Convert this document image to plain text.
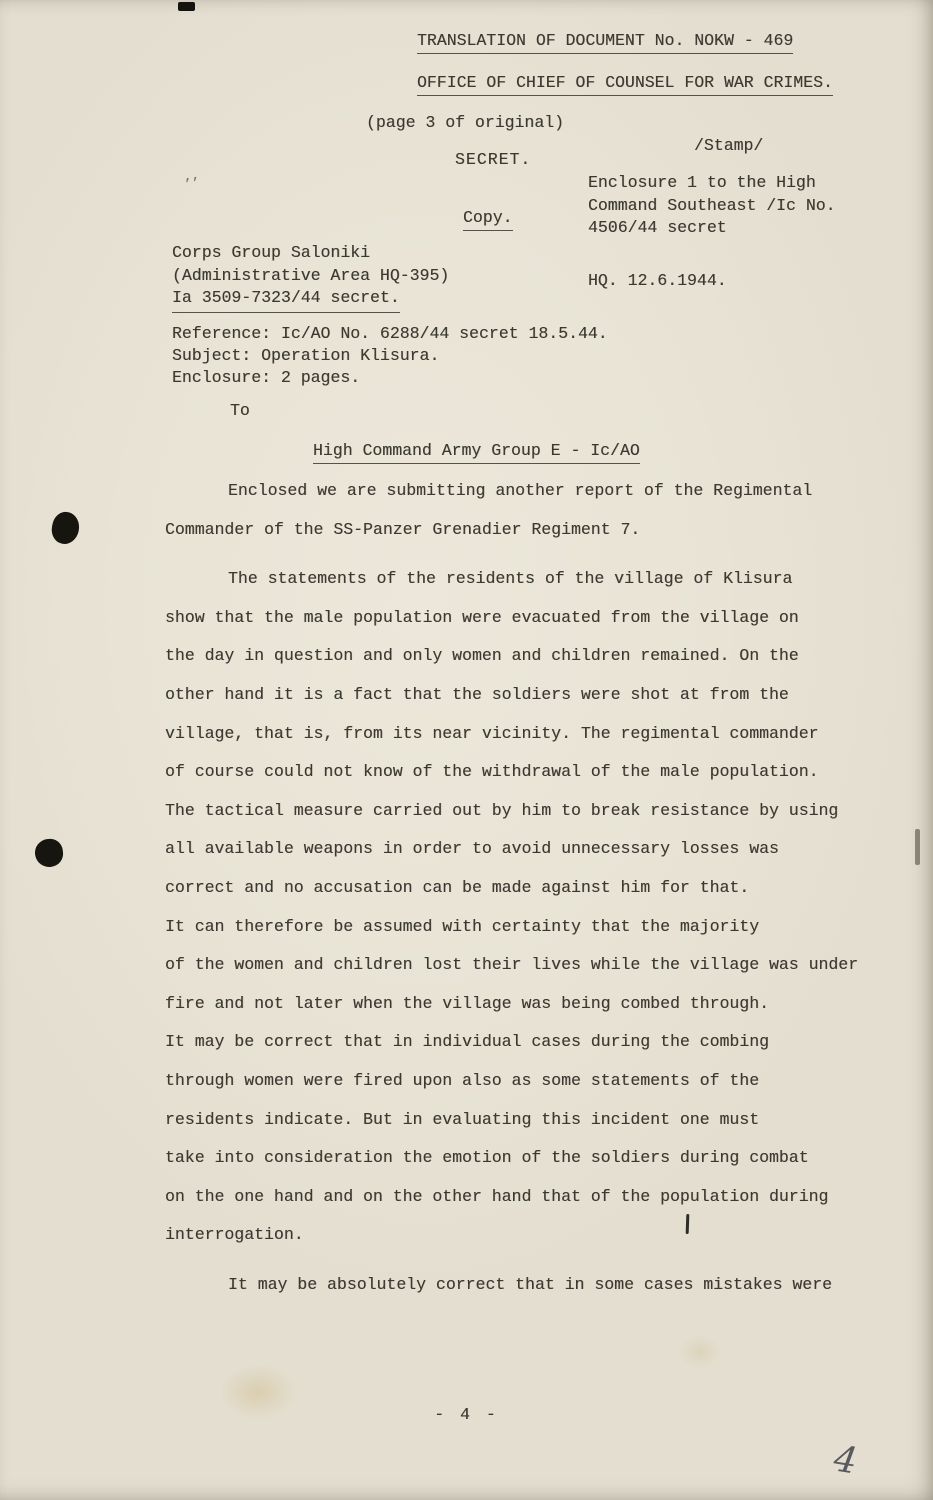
TRANSLATION OF DOCUMENT No. NOKW - 469
OFFICE OF CHIEF OF COUNSEL FOR WAR CRIMES.
(page 3 of original)
/Stamp/
SECRET.
Enclosure 1 to the High
Command Southeast /Ic No.
4506/44 secret
Copy.
Corps Group Saloniki
(Administrative Area HQ-395)
Ia 3509-7323/44 secret.
HQ. 12.6.1944.
Reference: Ic/AO No. 6288/44 secret 18.5.44.
Subject: Operation Klisura.
Enclosure: 2 pages.
To
High Command Army Group E - Ic/AO
Enclosed we are submitting another report of the Regimental
Commander of the SS-Panzer Grenadier Regiment 7.
The statements of the residents of the village of Klisura
show that the male population were evacuated from the village on
the day in question and only women and children remained. On the
other hand it is a fact that the soldiers were shot at from the
village, that is, from its near vicinity. The regimental commander
of course could not know of the withdrawal of the male population.
The tactical measure carried out by him to break resistance by using
all available weapons in order to avoid unnecessary losses was
correct and no accusation can be made against him for that.
It can therefore be assumed with certainty that the majority
of the women and children lost their lives while the village was under
fire and not later when the village was being combed through.
It may be correct that in individual cases during the combing
through women were fired upon also as some statements of the
residents indicate. But in evaluating this incident one must
take into consideration the emotion of the soldiers during combat
on the one hand and on the other hand that of the population during
interrogation.
It may be absolutely correct that in some cases mistakes were
’’
- 4 -
4
